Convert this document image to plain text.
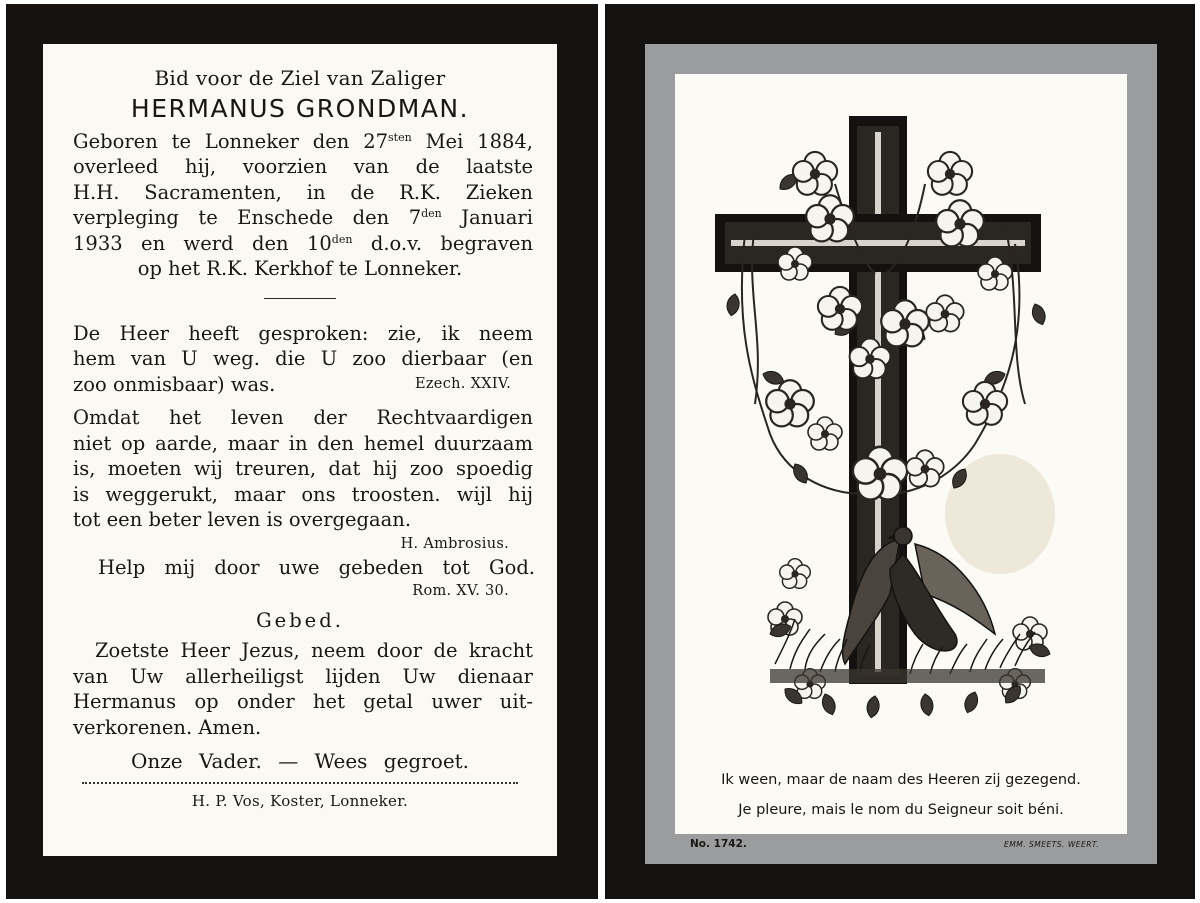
Bid voor de Ziel van Zaliger
HERMANUS GRONDMAN.
Geboren te Lonneker den $27^{sten}$ Mei 1884,
overleed hij, voorzien van de laatste
H.H. Sacramenten, in de R.K. Zieken
verpleging te Enschede den $7^{den}$ Januari
1933 en werd den $10^{den}$ d.o.v. begraven
op het R.K. Kerkhof te Lonneker.
De Heer heeft gesproken: zie, ik neem
hem van U weg. die U zoo dierbaar (en
zoo onmisbaar) was.	Ezech. XXIV.
Omdat het leven der Rechtvaardigen
niet op aarde, maar in den hemel duurzaam
is, moeten wij treuren, dat hij zoo spoedig
is weggerukt, maar ons troosten. wijl hij
tot een beter leven is overgegaan.
H. Ambrosius.
Help mij door uwe gebeden tot God.
Rom. XV. 30.
Gebed.
Zoetste Heer Jezus, neem door de kracht
van Uw allerheiligst lijden Uw dienaar
Hermanus op onder het getal uwer uit-
verkorenen. Amen.
Onze Vader. — Wees gegroet.
H. P. Vos, Koster, Lonneker.
Ik ween, maar de naam des Heeren zij gezegend.
Je pleure, mais le nom du Seigneur soit béni.
No. 1742.	EMM. SMEETS. WEERT.
